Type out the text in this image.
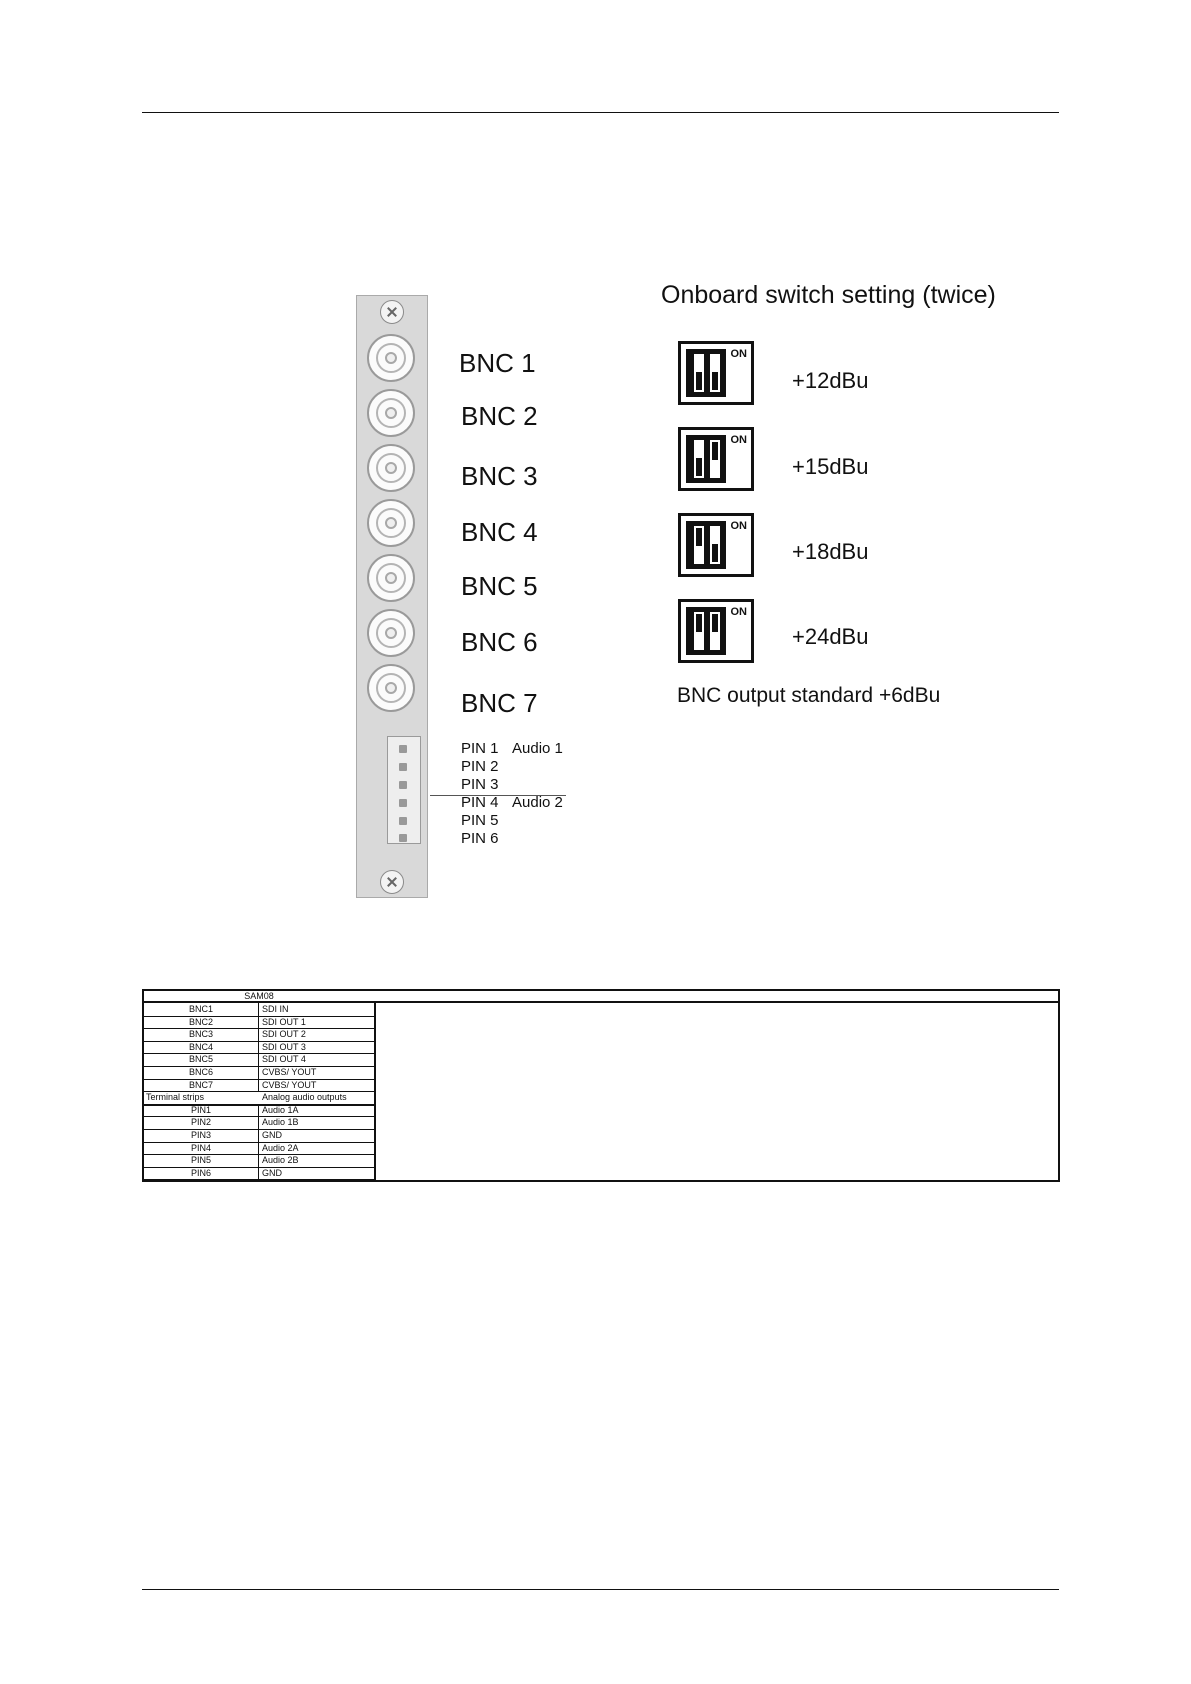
BNC 1
BNC 2
BNC 3
BNC 4
BNC 5
BNC 6
BNC 7
PIN 1 Audio 1
PIN 2
PIN 3
PIN 4 Audio 2
PIN 5
PIN 6
Onboard switch setting (twice)
ON
ON
ON
ON
+12dBu
+15dBu
+18dBu
+24dBu
BNC output standard +6dBu
SAM08
BNC1	SDI IN
BNC2	SDI OUT 1
BNC3	SDI OUT 2
BNC4	SDI OUT 3
BNC5	SDI OUT 4
BNC6	CVBS/ YOUT
BNC7	CVBS/ YOUT
Terminal strips	Analog audio outputs
PIN1	Audio 1A
PIN2	Audio 1B
PIN3	GND
PIN4	Audio 2A
PIN5	Audio 2B
PIN6	GND
